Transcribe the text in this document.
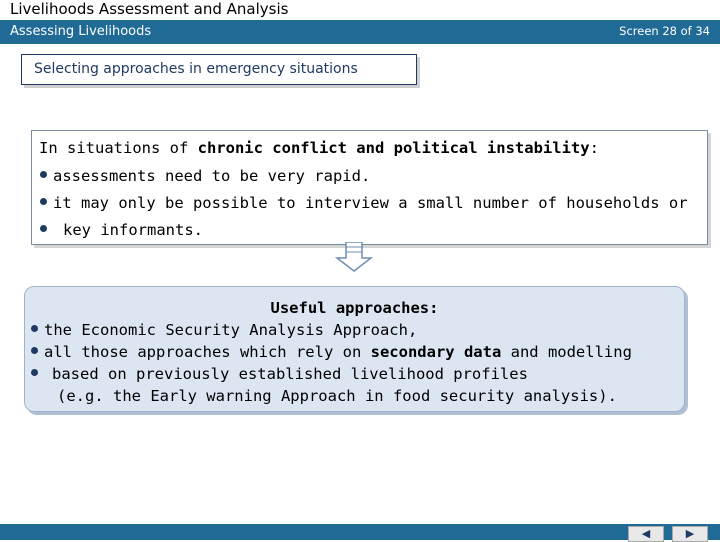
Livelihoods Assessment and Analysis
Assessing Livelihoods	Screen 28 of 34
Selecting approaches in emergency situations
In situations of chronic conflict and political instability:
assessments need to be very rapid.
it may only be possible to interview a small number of households or
key informants.
Useful approaches:
the Economic Security Analysis Approach,
all those approaches which rely on secondary data and modelling
based on previously established livelihood profiles
(e.g. the Early warning Approach in food security analysis).
◀	▶
